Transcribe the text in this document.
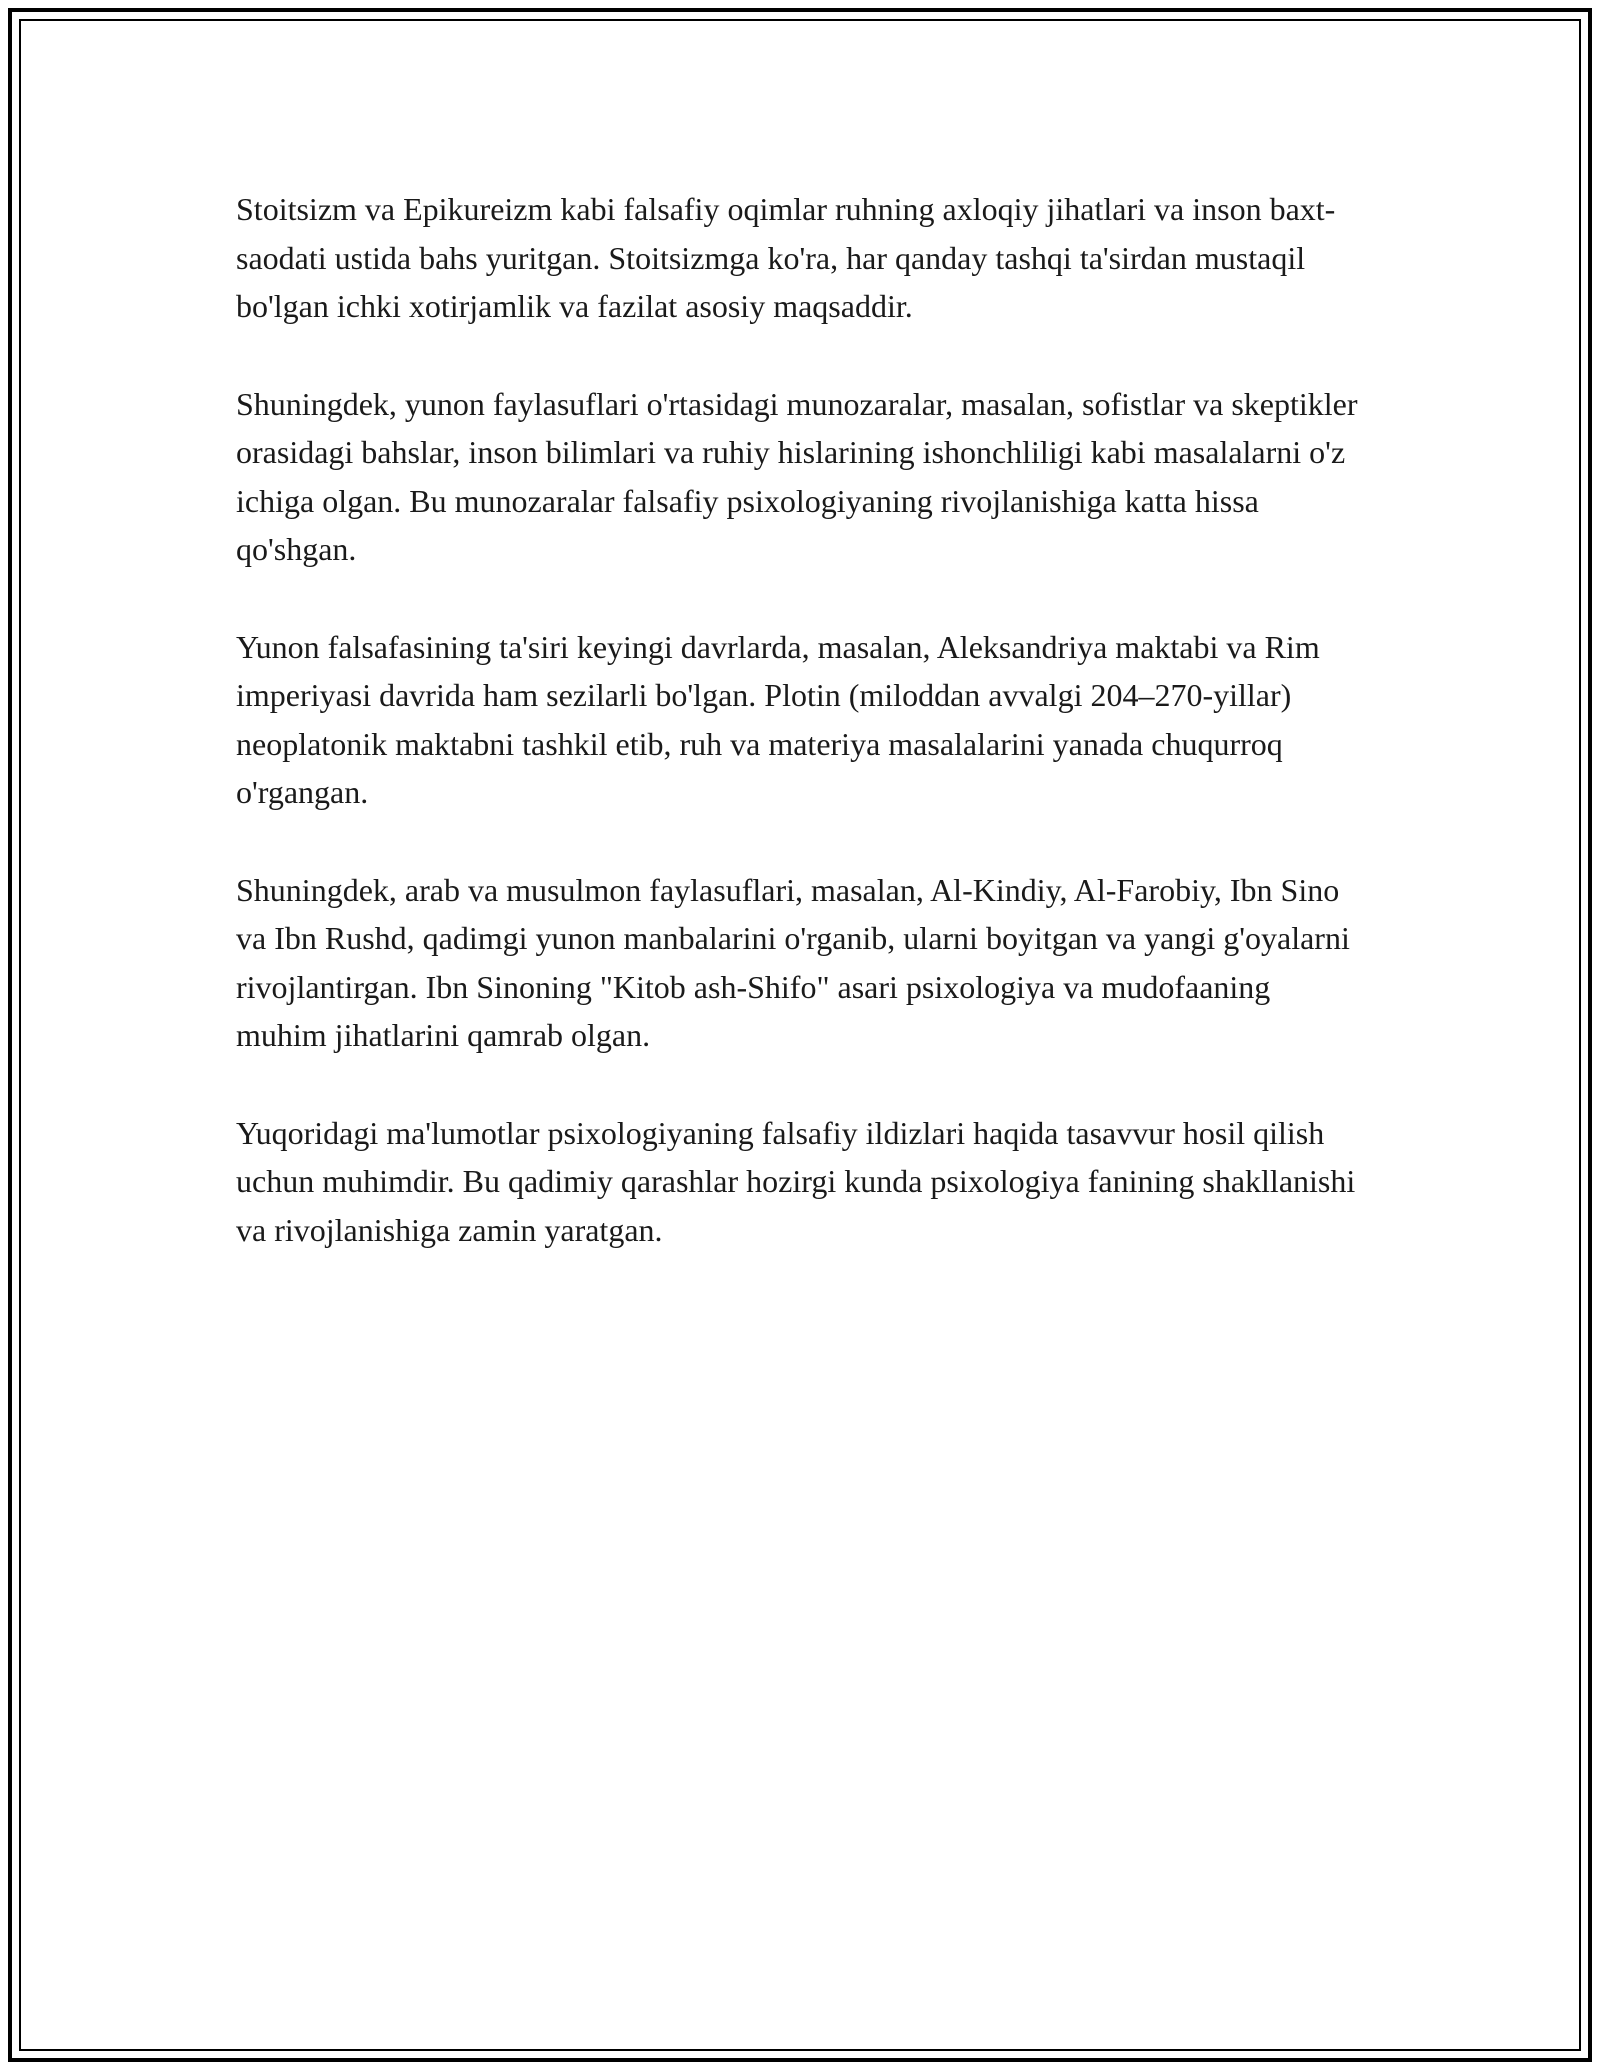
Stoitsizm va Epikureizm kabi falsafiy oqimlar ruhning axloqiy jihatlari va inson baxt-saodati ustida bahs yuritgan. Stoitsizmga ko'ra, har qanday tashqi ta'sirdan mustaqil bo'lgan ichki xotirjamlik va fazilat asosiy maqsaddir.

Shuningdek, yunon faylasuflari o'rtasidagi munozaralar, masalan, sofistlar va skeptikler orasidagi bahslar, inson bilimlari va ruhiy hislarining ishonchliligi kabi masalalarni o'z ichiga olgan. Bu munozaralar falsafiy psixologiyaning rivojlanishiga katta hissa qo'shgan.

Yunon falsafasining ta'siri keyingi davrlarda, masalan, Aleksandriya maktabi va Rim imperiyasi davrida ham sezilarli bo'lgan. Plotin (miloddan avvalgi 204–270-yillar) neoplatonik maktabni tashkil etib, ruh va materiya masalalarini yanada chuqurroq o'rgangan.

Shuningdek, arab va musulmon faylasuflari, masalan, Al-Kindiy, Al-Farobiy, Ibn Sino va Ibn Rushd, qadimgi yunon manbalarini o'rganib, ularni boyitgan va yangi g'oyalarni rivojlantirgan. Ibn Sinoning "Kitob ash-Shifo" asari psixologiya va mudofaaning muhim jihatlarini qamrab olgan.

Yuqoridagi ma'lumotlar psixologiyaning falsafiy ildizlari haqida tasavvur hosil qilish uchun muhimdir. Bu qadimiy qarashlar hozirgi kunda psixologiya fanining shakllanishi va rivojlanishiga zamin yaratgan.
